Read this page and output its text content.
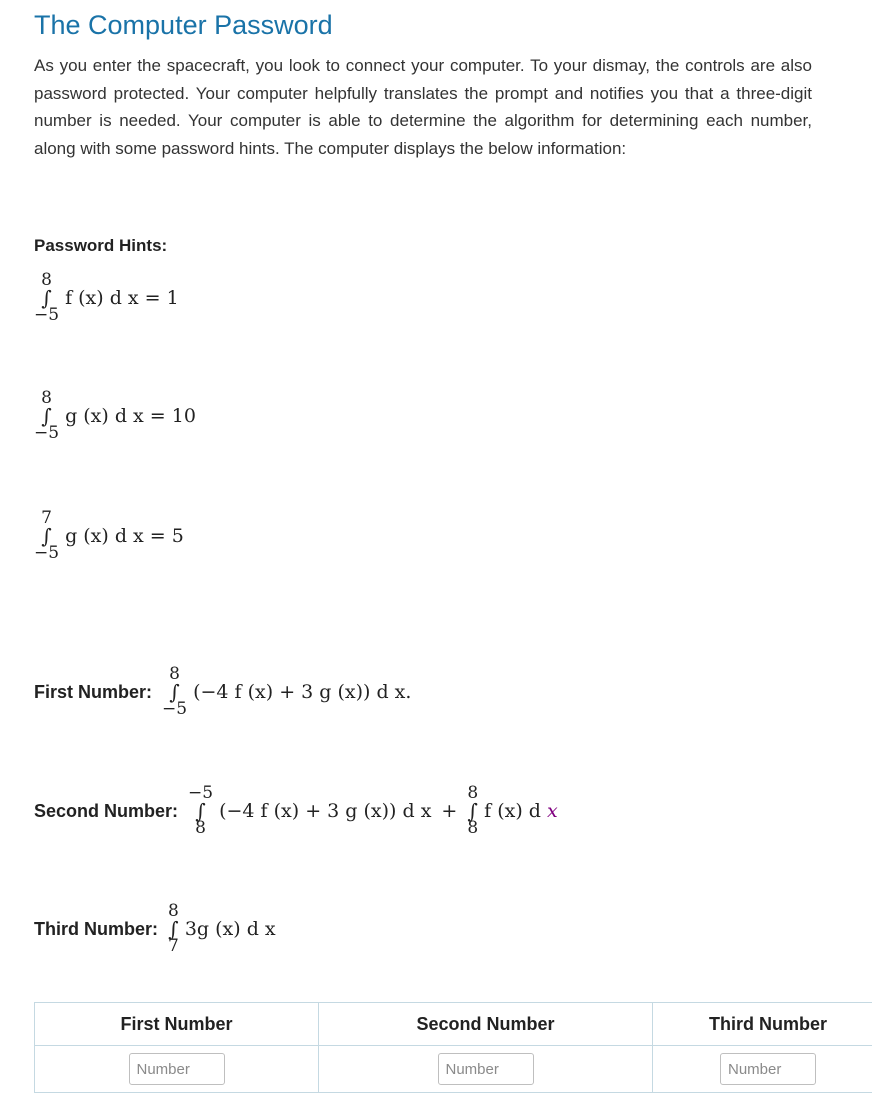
The Computer Password

As you enter the spacecraft, you look to connect your computer. To your dismay, the controls are also password protected. Your computer helpfully translates the prompt and notifies you that a three-digit number is needed. Your computer is able to determine the algorithm for determining each number, along with some password hints. The computer displays the below information:

Password Hints:
8
∫
−5
f (x) d x = 1
8
∫
−5
g (x) d x = 10
7
∫
−5
g (x) d x = 5
First Number:
8
∫
−5
(−4 f (x) + 3 g (x)) d x.
Second Number:
−5
∫
8
(−4 f (x) + 3 g (x)) d x +
8
∫
8
f (x) d x
Third Number:
8
∫
7
3g (x) d x
First Number	Second Number	Third Number
Number	Number	Number
